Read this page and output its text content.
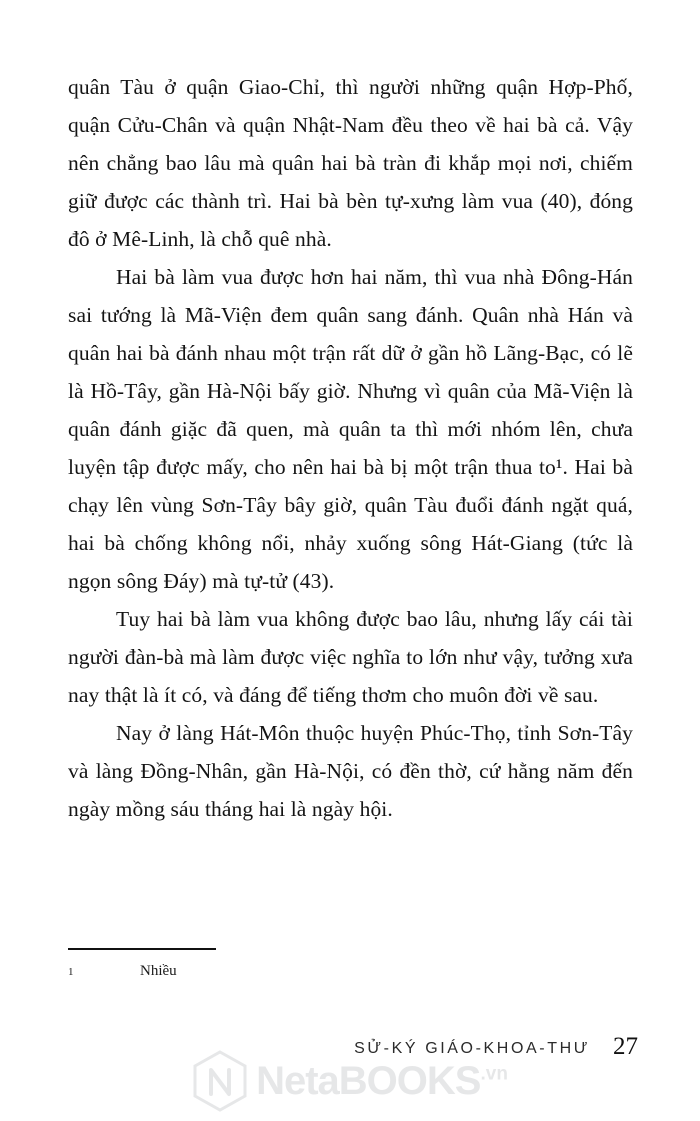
quân Tàu ở quận Giao-Chỉ, thì người những quận Hợp-Phố, quận Cửu-Chân và quận Nhật-Nam đều theo về hai bà cả. Vậy nên chẳng bao lâu mà quân hai bà tràn đi khắp mọi nơi, chiếm giữ được các thành trì. Hai bà bèn tự-xưng làm vua (40), đóng đô ở Mê-Linh, là chỗ quê nhà.

Hai bà làm vua được hơn hai năm, thì vua nhà Đông-Hán sai tướng là Mã-Viện đem quân sang đánh. Quân nhà Hán và quân hai bà đánh nhau một trận rất dữ ở gần hồ Lãng-Bạc, có lẽ là Hồ-Tây, gần Hà-Nội bấy giờ. Nhưng vì quân của Mã-Viện là quân đánh giặc đã quen, mà quân ta thì mới nhóm lên, chưa luyện tập được mấy, cho nên hai bà bị một trận thua to¹. Hai bà chạy lên vùng Sơn-Tây bây giờ, quân Tàu đuổi đánh ngặt quá, hai bà chống không nổi, nhảy xuống sông Hát-Giang (tức là ngọn sông Đáy) mà tự-tử (43).

Tuy hai bà làm vua không được bao lâu, nhưng lấy cái tài người đàn-bà mà làm được việc nghĩa to lớn như vậy, tưởng xưa nay thật là ít có, và đáng để tiếng thơm cho muôn đời về sau.

Nay ở làng Hát-Môn thuộc huyện Phúc-Thọ, tỉnh Sơn-Tây và làng Đồng-Nhân, gần Hà-Nội, có đền thờ, cứ hằng năm đến ngày mồng sáu tháng hai là ngày hội.

1	Nhiều
SỬ-KÝ GIÁO-KHOA-THƯ 27
NetaBOOKS$^{.vn}$
